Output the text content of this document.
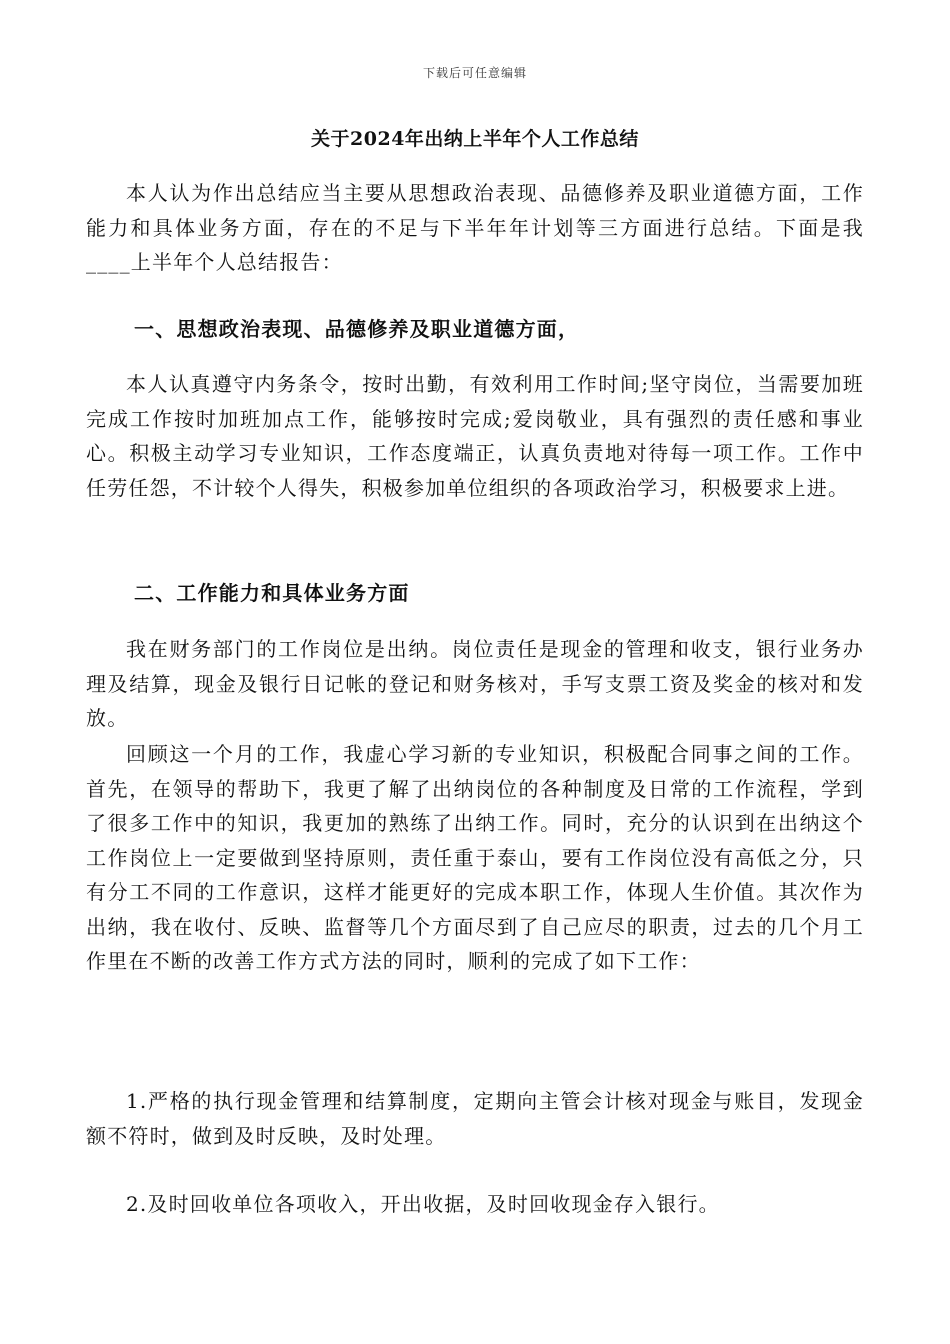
下载后可任意编辑
关于2024年出纳上半年个人工作总结

本人认为作出总结应当主要从思想政治表现、品德修养及职业道德方面，工作能力和具体业务方面，存在的不足与下半年年计划等三方面进行总结。下面是我____上半年个人总结报告：

一、思想政治表现、品德修养及职业道德方面，

本人认真遵守内务条令，按时出勤，有效利用工作时间;坚守岗位，当需要加班完成工作按时加班加点工作，能够按时完成;爱岗敬业，具有强烈的责任感和事业心。积极主动学习专业知识，工作态度端正，认真负责地对待每一项工作。工作中任劳任怨，不计较个人得失，积极参加单位组织的各项政治学习，积极要求上进。

二、工作能力和具体业务方面

我在财务部门的工作岗位是出纳。岗位责任是现金的管理和收支，银行业务办理及结算，现金及银行日记帐的登记和财务核对，手写支票工资及奖金的核对和发放。

回顾这一个月的工作，我虚心学习新的专业知识，积极配合同事之间的工作。首先，在领导的帮助下，我更了解了出纳岗位的各种制度及日常的工作流程，学到了很多工作中的知识，我更加的熟练了出纳工作。同时，充分的认识到在出纳这个工作岗位上一定要做到坚持原则，责任重于泰山，要有工作岗位没有高低之分，只有分工不同的工作意识，这样才能更好的完成本职工作，体现人生价值。其次作为出纳，我在收付、反映、监督等几个方面尽到了自己应尽的职责，过去的几个月工作里在不断的改善工作方式方法的同时，顺利的完成了如下工作：

1.严格的执行现金管理和结算制度，定期向主管会计核对现金与账目，发现金额不符时，做到及时反映，及时处理。

2.及时回收单位各项收入，开出收据，及时回收现金存入银行。
